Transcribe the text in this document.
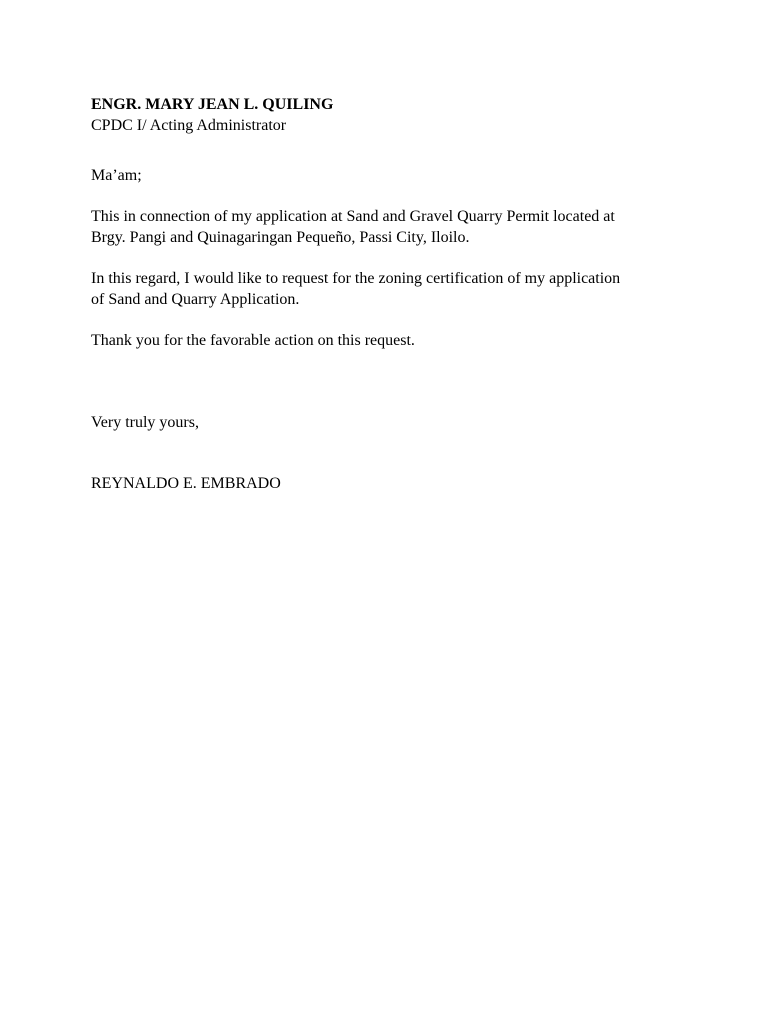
ENGR. MARY JEAN L. QUILING
CPDC I/ Acting Administrator
Ma’am;

This in connection of my application at Sand and Gravel Quarry Permit located at
Brgy. Pangi and Quinagaringan Pequeño, Passi City, Iloilo.

In this regard, I would like to request for the zoning certification of my application
of Sand and Quarry Application.

Thank you for the favorable action on this request.

Very truly yours,
REYNALDO E. EMBRADO
